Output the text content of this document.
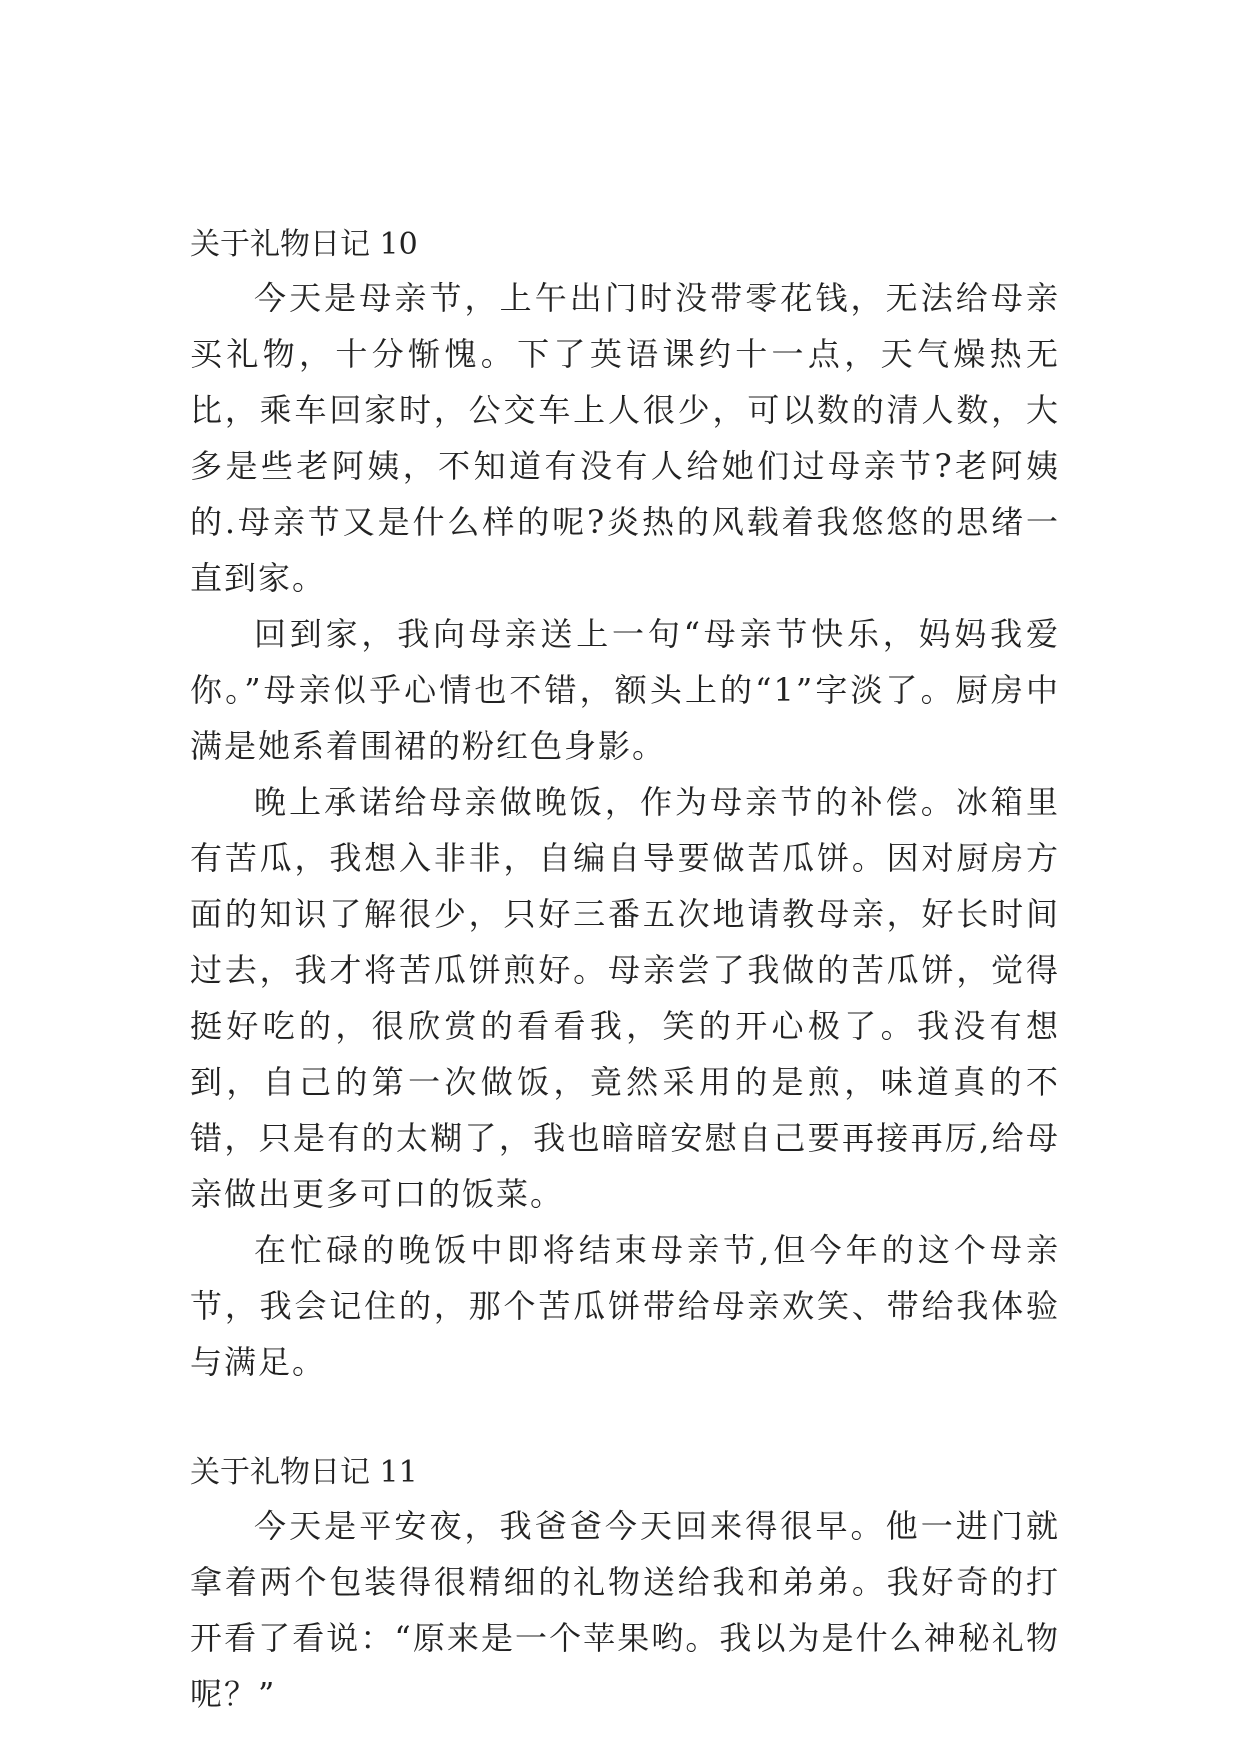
关于礼物日记 10

今天是母亲节，上午出门时没带零花钱，无法给母亲买礼物，十分惭愧。下了英语课约十一点，天气燥热无比，乘车回家时，公交车上人很少，可以数的清人数，大多是些老阿姨，不知道有没有人给她们过母亲节?老阿姨的.母亲节又是什么样的呢?炎热的风载着我悠悠的思绪一直到家。

回到家，我向母亲送上一句“母亲节快乐，妈妈我爱你。”母亲似乎心情也不错，额头上的“1”字淡了。厨房中满是她系着围裙的粉红色身影。

晚上承诺给母亲做晚饭，作为母亲节的补偿。冰箱里有苦瓜，我想入非非，自编自导要做苦瓜饼。因对厨房方面的知识了解很少，只好三番五次地请教母亲，好长时间过去，我才将苦瓜饼煎好。母亲尝了我做的苦瓜饼，觉得挺好吃的，很欣赏的看看我，笑的开心极了。我没有想到，自己的第一次做饭，竟然采用的是煎，味道真的不错，只是有的太糊了，我也暗暗安慰自己要再接再厉,给母亲做出更多可口的饭菜。

在忙碌的晚饭中即将结束母亲节,但今年的这个母亲节，我会记住的，那个苦瓜饼带给母亲欢笑、带给我体验与满足。

关于礼物日记 11

今天是平安夜，我爸爸今天回来得很早。他一进门就拿着两个包装得很精细的礼物送给我和弟弟。我好奇的打开看了看说：“原来是一个苹果哟。我以为是什么神秘礼物呢？”
